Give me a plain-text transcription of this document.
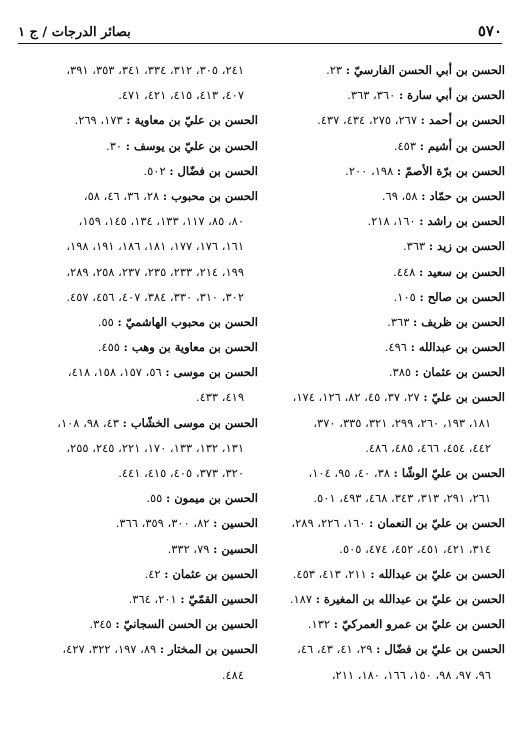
٥٧٠
بصائر الدرجات / ج ١
الحسن بن أبي الحسن الفارسيّ : ٢٣.
الحسن بن أبي سارة : ٣٦٠، ٣٦٣.
الحسن بن أحمد : ٢٦٧، ٢٧٥، ٤٣٤، ٤٣٧.
الحسن بن أشيم : ٤٥٣.
الحسن بن برّة الأصمّ : ١٩٨، ٢٠٠.
الحسن بن حمّاد : ٥٨، ٦٩.
الحسن بن راشد : ١٦٠، ٢١٨.
الحسن بن زيد : ٣٦٣.
الحسن بن سعيد : ٤٤٨.
الحسن بن صالح : ١٠٥.
الحسن بن ظريف : ٣٦٣.
الحسن بن عبدالله : ٤٩٦.
الحسن بن عثمان : ٣٨٥.
الحسن بن عليّ : ٢٧، ٣٧، ٤٥، ٨٢، ١٢٦، ١٧٤،
١٨١، ١٩٣، ٢٦٠، ٢٩٩، ٣٢١، ٣٣٥، ٣٧٠،
٤٤٢، ٤٥٤، ٤٦٦، ٤٨٥، ٤٨٦.
الحسن بن عليّ الوشّا : ٣٨، ٤٠، ٩٥، ١٠٤،
٢٦١، ٢٩١، ٣١٣، ٣٤٣، ٤٦٨، ٤٩٣، ٥٠١.
الحسن بن عليّ بن النعمان : ١٦٠، ٢٢٦، ٢٨٩،
٣١٤، ٤٢١، ٤٥١، ٤٥٢، ٤٧٤، ٥٠٥.
الحسن بن عليّ بن عبدالله : ٢١١، ٤١٣، ٤٥٣.
الحسن بن عليّ بن عبدالله بن المغيرة : ١٨٧.
الحسن بن عليّ بن عمرو العمركيّ : ١٣٢.
الحسن بن عليّ بن فضّال : ٢٩، ٤١، ٤٣، ٤٦،
٩٦، ٩٧، ٩٨، ١٥٠، ١٦٦، ١٨٠، ٢١١،
٢٤١، ٣٠٥، ٣١٢، ٣٣٤، ٣٤١، ٣٥٣، ٣٩١،
٤٠٧، ٤١٣، ٤١٥، ٤٢١، ٤٧١.
الحسن بن عليّ بن معاوية : ١٧٣، ٢٦٩.
الحسن بن عليّ بن يوسف : ٣٠.
الحسن بن فضّال : ٥٠٢.
الحسن بن محبوب : ٢٨، ٣٦، ٤٦، ٥٨،
٨٠، ٨٥، ١١٧، ١٣٣، ١٣٤، ١٤٥، ١٥٩،
١٦١، ١٧٦، ١٧٧، ١٨١، ١٨٦، ١٩١، ١٩٨،
١٩٩، ٢١٤، ٢٣٣، ٢٣٥، ٢٣٧، ٢٥٨، ٢٨٩،
٣٠٢، ٣١٠، ٣٣٠، ٣٨٤، ٤٠٧، ٤٥٦، ٤٥٧.
الحسن بن محبوب الهاشميّ : ٥٥.
الحسن بن معاوية بن وهب : ٤٥٥.
الحسن بن موسى : ٥٦، ١٥٧، ١٥٨، ٤١٨،
٤١٩، ٤٣٣.
الحسن بن موسى الخشّاب : ٤٣، ٩٨، ١٠٨،
١٣١، ١٣٢، ١٣٣، ١٧٠، ٢٢١، ٢٤٥، ٢٥٥،
٣٢٠، ٣٧٣، ٤٠٥، ٤١٥، ٤٤١.
الحسن بن ميمون : ٥٥.
الحسين : ٨٢، ٣٠٠، ٣٥٩، ٣٦٦.
الحسين : ٧٩، ٣٣٢.
الحسين بن عثمان : ٤٢.
الحسين القمّيّ : ٢٠١، ٣٦٤.
الحسين بن الحسن السجانيّ : ٣٤٥.
الحسين بن المختار : ٨٩، ١٩٧، ٣٢٢، ٤٢٧،
٤٨٤.
